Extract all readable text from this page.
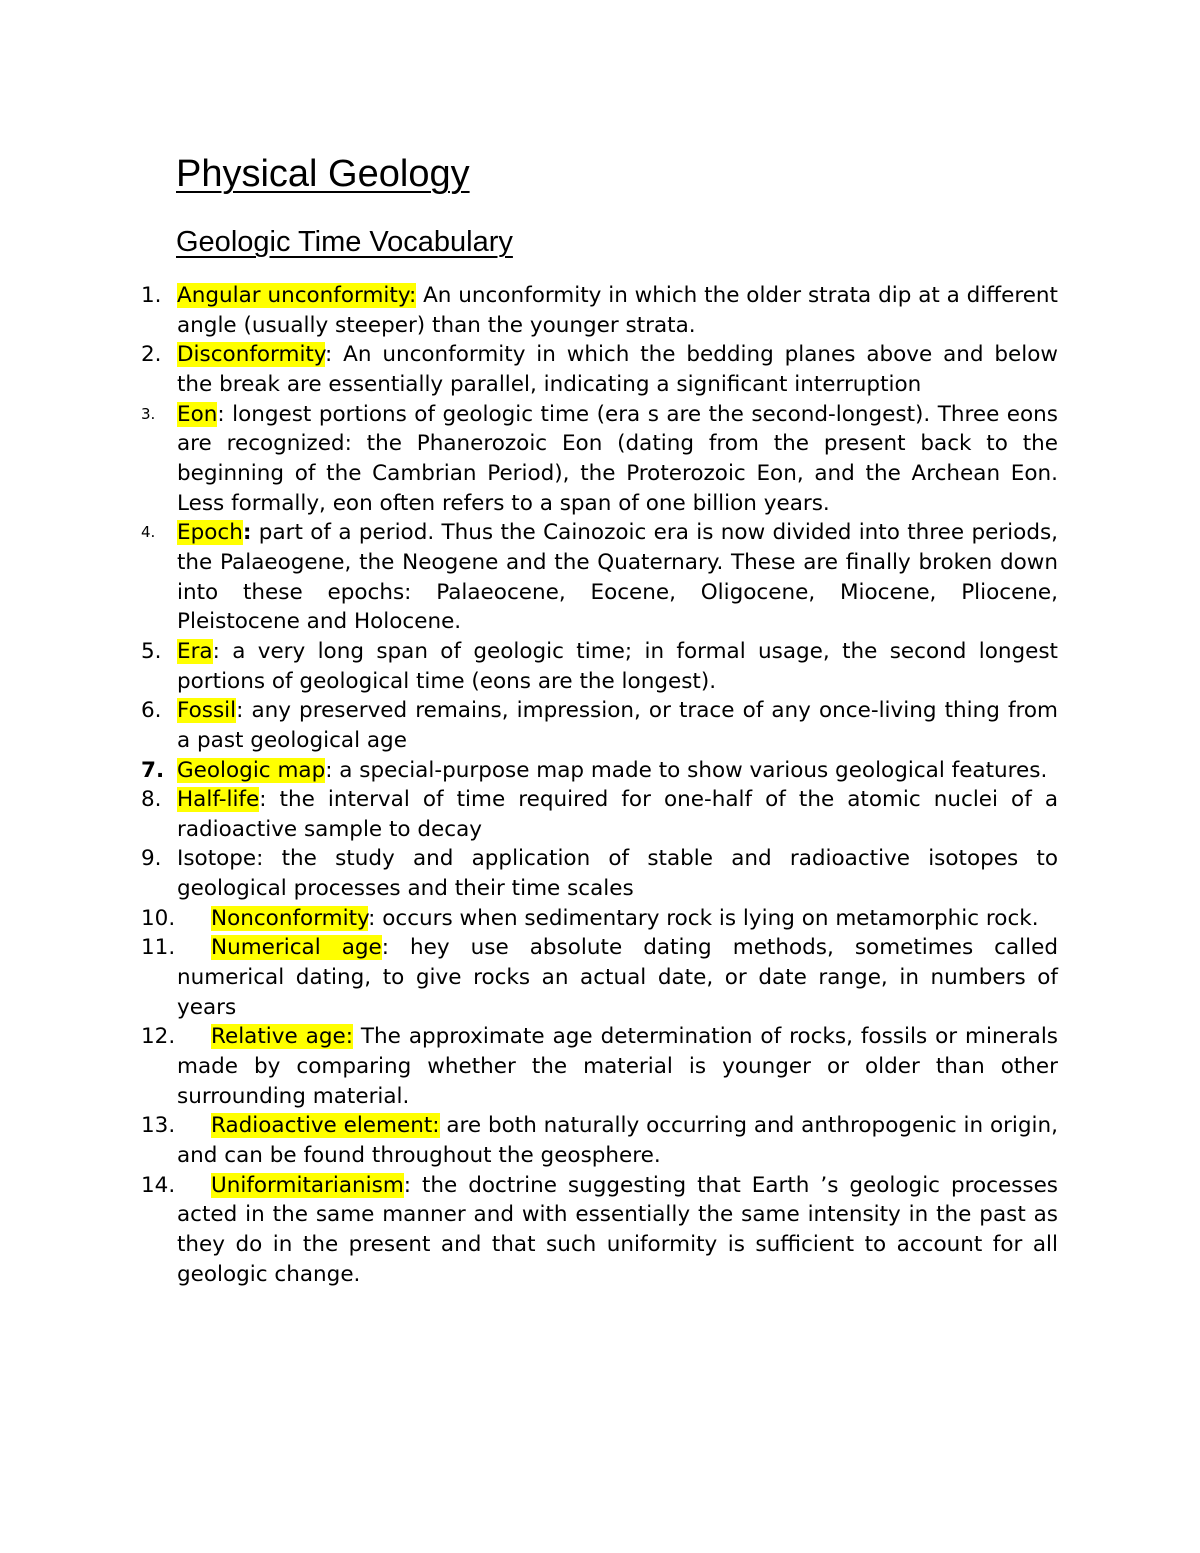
Physical Geology
Geologic Time Vocabulary
1. Angular unconformity: An unconformity in which the older strata dip at a different angle (usually steeper) than the younger strata.
2. Disconformity: An unconformity in which the bedding planes above and below the break are essentially parallel, indicating a significant interruption
3.	Eon: longest portions of geologic time (era s are the second-longest). Three eons are recognized: the Phanerozoic Eon (dating from the present back to the beginning of the Cambrian Period), the Proterozoic Eon, and the Archean Eon. Less formally, eon often refers to a span of one billion years.
4.	Epoch: part of a period. Thus the Cainozoic era is now divided into three periods, the Palaeogene, the Neogene and the Quaternary. These are finally broken down into these epochs: Palaeocene, Eocene, Oligocene, Miocene, Pliocene, Pleistocene and Holocene.
5. Era: a very long span of geologic time; in formal usage, the second longest portions of geological time (eons are the longest).
6. Fossil: any preserved remains, impression, or trace of any once-living thing from a past geological age
7. Geologic map: a special-purpose map made to show various geological features.
8. Half-life: the interval of time required for one-half of the atomic nuclei of a radioactive sample to decay
9. Isotope: the study and application of stable and radioactive isotopes to geological processes and their time scales
10. Nonconformity: occurs when sedimentary rock is lying on metamorphic rock.
11. Numerical age: hey use absolute dating methods, sometimes called numerical dating, to give rocks an actual date, or date range, in numbers of years
12. Relative age: The approximate age determination of rocks, fossils or minerals made by comparing whether the material is younger or older than other surrounding material.
13. Radioactive element: are both naturally occurring and anthropogenic in origin, and can be found throughout the geosphere.
14. Uniformitarianism: the doctrine suggesting that Earth ’s geologic processes acted in the same manner and with essentially the same intensity in the past as they do in the present and that such uniformity is sufficient to account for all geologic change.
